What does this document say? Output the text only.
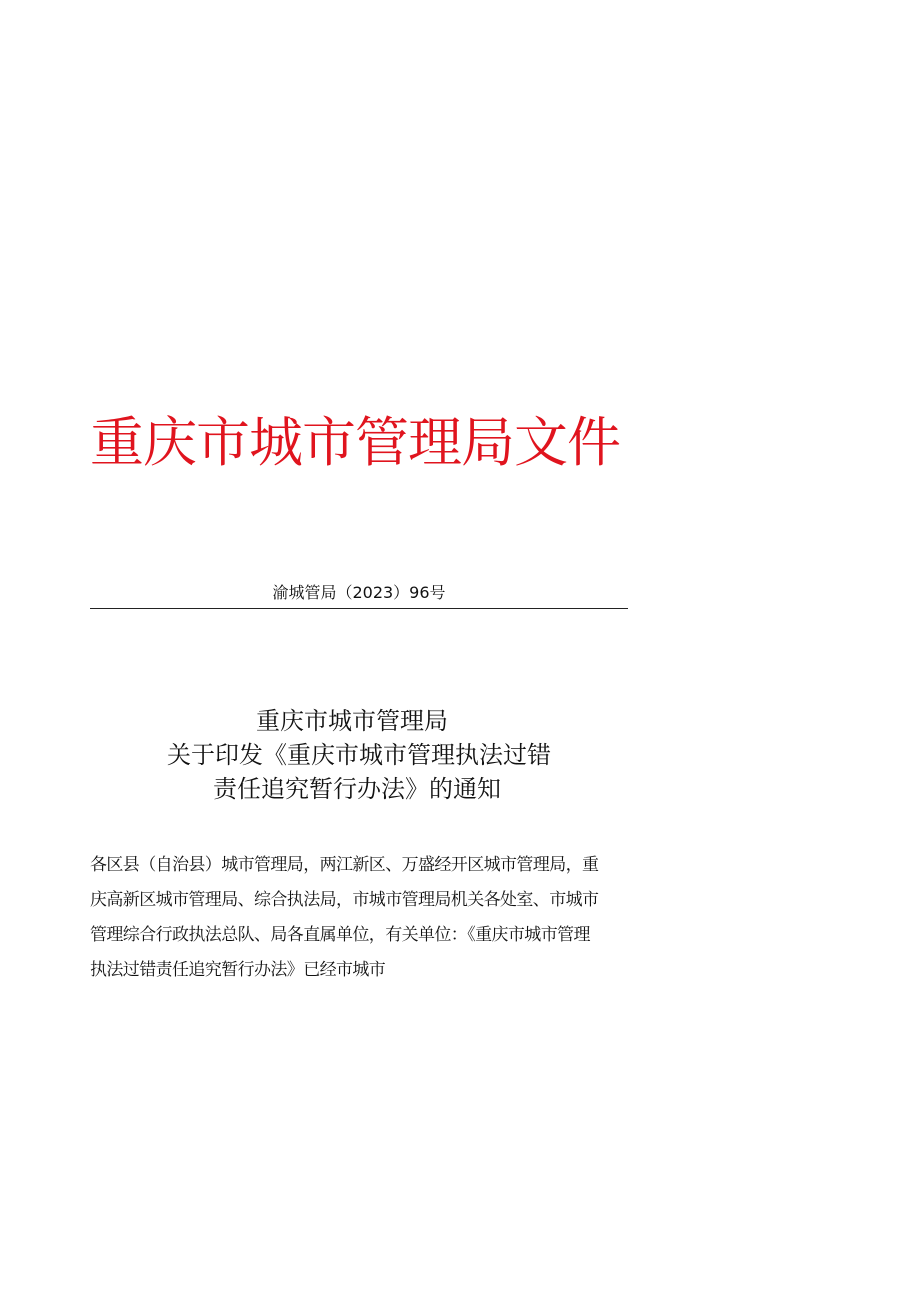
重庆市城市管理局文件
渝城管局（2023）96号
重庆市城市管理局
关于印发《重庆市城市管理执法过错
责任追究暂行办法》的通知
各区县（自治县）城市管理局，两江新区、万盛经开区城市管理局，重
庆高新区城市管理局、综合执法局，市城市管理局机关各处室、市城市
管理综合行政执法总队、局各直属单位，有关单位：《重庆市城市管理
执法过错责任追究暂行办法》已经市城市
